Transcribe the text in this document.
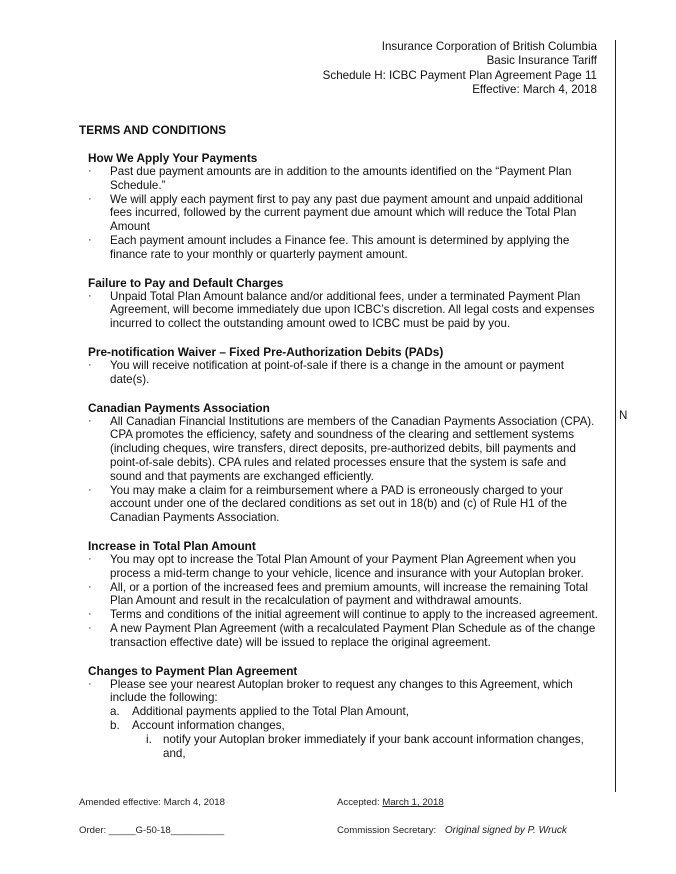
Insurance Corporation of British Columbia
Basic Insurance Tariff
Schedule H: ICBC Payment Plan Agreement Page 11
Effective: March 4, 2018
N
TERMS AND CONDITIONS
How We Apply Your Payments
· Past due payment amounts are in addition to the amounts identified on the “Payment Plan Schedule.”
· We will apply each payment first to pay any past due payment amount and unpaid additional fees incurred, followed by the current payment due amount which will reduce the Total Plan Amount
· Each payment amount includes a Finance fee. This amount is determined by applying the finance rate to your monthly or quarterly payment amount.
Failure to Pay and Default Charges
· Unpaid Total Plan Amount balance and/or additional fees, under a terminated Payment Plan Agreement, will become immediately due upon ICBC’s discretion. All legal costs and expenses incurred to collect the outstanding amount owed to ICBC must be paid by you.
Pre-notification Waiver – Fixed Pre-Authorization Debits (PADs)
· You will receive notification at point-of-sale if there is a change in the amount or payment date(s).
Canadian Payments Association
· All Canadian Financial Institutions are members of the Canadian Payments Association (CPA). CPA promotes the efficiency, safety and soundness of the clearing and settlement systems (including cheques, wire transfers, direct deposits, pre-authorized debits, bill payments and point-of-sale debits). CPA rules and related processes ensure that the system is safe and sound and that payments are exchanged efficiently.
· You may make a claim for a reimbursement where a PAD is erroneously charged to your account under one of the declared conditions as set out in 18(b) and (c) of Rule H1 of the Canadian Payments Association.
Increase in Total Plan Amount
· You may opt to increase the Total Plan Amount of your Payment Plan Agreement when you process a mid-term change to your vehicle, licence and insurance with your Autoplan broker.
· All, or a portion of the increased fees and premium amounts, will increase the remaining Total Plan Amount and result in the recalculation of payment and withdrawal amounts.
· Terms and conditions of the initial agreement will continue to apply to the increased agreement.
· A new Payment Plan Agreement (with a recalculated Payment Plan Schedule as of the change transaction effective date) will be issued to replace the original agreement.
Changes to Payment Plan Agreement
· Please see your nearest Autoplan broker to request any changes to this Agreement, which include the following:
a. Additional payments applied to the Total Plan Amount,
b. Account information changes,
i. notify your Autoplan broker immediately if your bank account information changes, and,
Amended effective: March 4, 2018	Accepted: March 1, 2018
Order: _____G-50-18__________	Commission Secretary: Original signed by P. Wruck
